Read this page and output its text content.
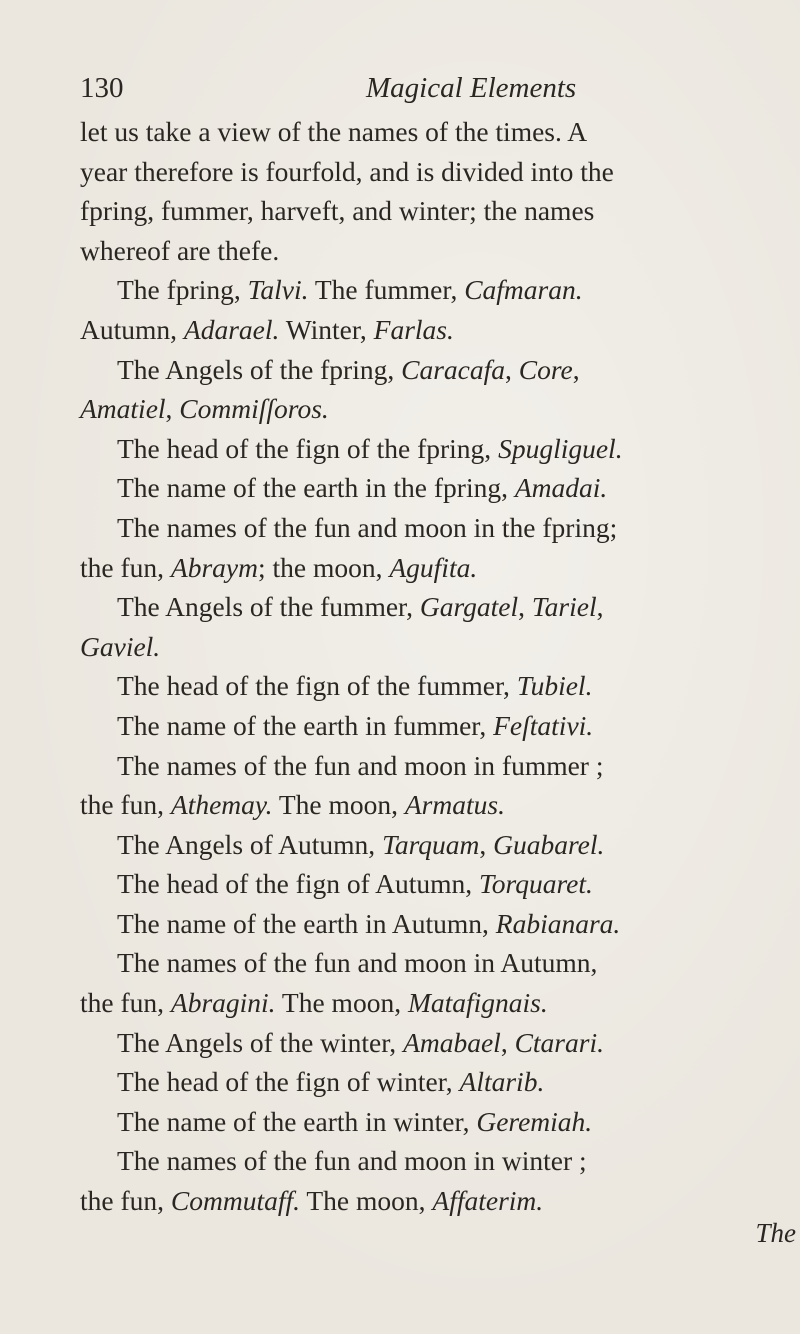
130	Magical Elements
let us take a view of the names of the times. A
year therefore is fourfold, and is divided into the
fpring, fummer, harveft, and winter; the names
whereof are thefe.
The fpring, Talvi. The fummer, Cafmaran.
Autumn, Adarael. Winter, Farlas.
The Angels of the fpring, Caracafa, Core,
Amatiel, Commiſſoros.
The head of the fign of the fpring, Spugliguel.
The name of the earth in the fpring, Amadai.
The names of the fun and moon in the fpring;
the fun, Abraym; the moon, Agufita.
The Angels of the fummer, Gargatel, Tariel,
Gaviel.
The head of the fign of the fummer, Tubiel.
The name of the earth in fummer, Feſtativi.
The names of the fun and moon in fummer ;
the fun, Athemay. The moon, Armatus.
The Angels of Autumn, Tarquam, Guabarel.
The head of the fign of Autumn, Torquaret.
The name of the earth in Autumn, Rabianara.
The names of the fun and moon in Autumn,
the fun, Abragini. The moon, Matafignais.
The Angels of the winter, Amabael, Ctarari.
The head of the fign of winter, Altarib.
The name of the earth in winter, Geremiah.
The names of the fun and moon in winter ;
the fun, Commutaff. The moon, Affaterim.
The
